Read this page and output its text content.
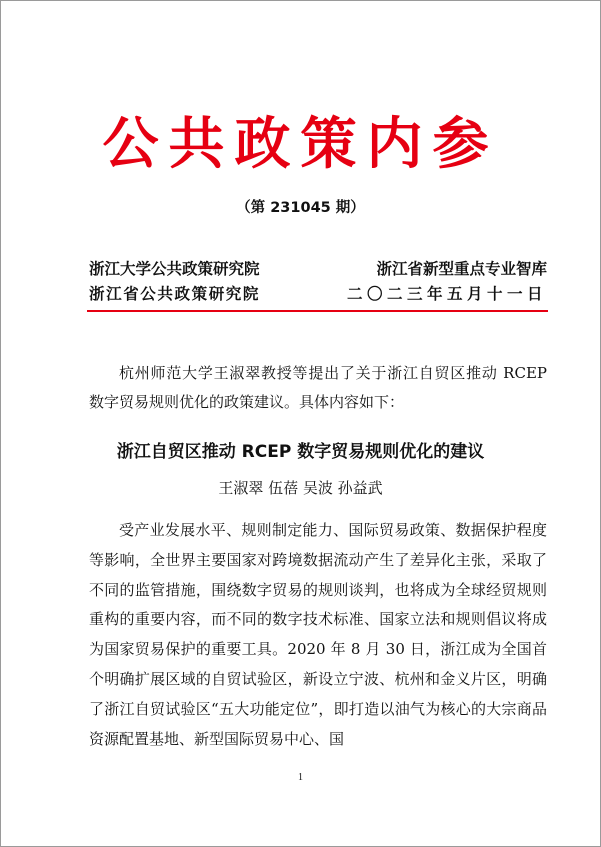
公共政策内参
（第 231045 期）
浙江大学公共政策研究院	浙江省新型重点专业智库
浙江省公共政策研究院	二〇二三年五月十一日

杭州师范大学王淑翠教授等提出了关于浙江自贸区推动 RCEP 数字贸易规则优化的政策建议。具体内容如下：

浙江自贸区推动 RCEP 数字贸易规则优化的建议

王淑翠 伍蓓 吴波 孙益武

受产业发展水平、规则制定能力、国际贸易政策、数据保护程度等影响，全世界主要国家对跨境数据流动产生了差异化主张，采取了不同的监管措施，围绕数字贸易的规则谈判，也将成为全球经贸规则重构的重要内容，而不同的数字技术标准、国家立法和规则倡议将成为国家贸易保护的重要工具。2020 年 8 月 30 日，浙江成为全国首个明确扩展区域的自贸试验区，新设立宁波、杭州和金义片区，明确了浙江自贸试验区“五大功能定位”，即打造以油气为核心的大宗商品资源配置基地、新型国际贸易中心、国

1
